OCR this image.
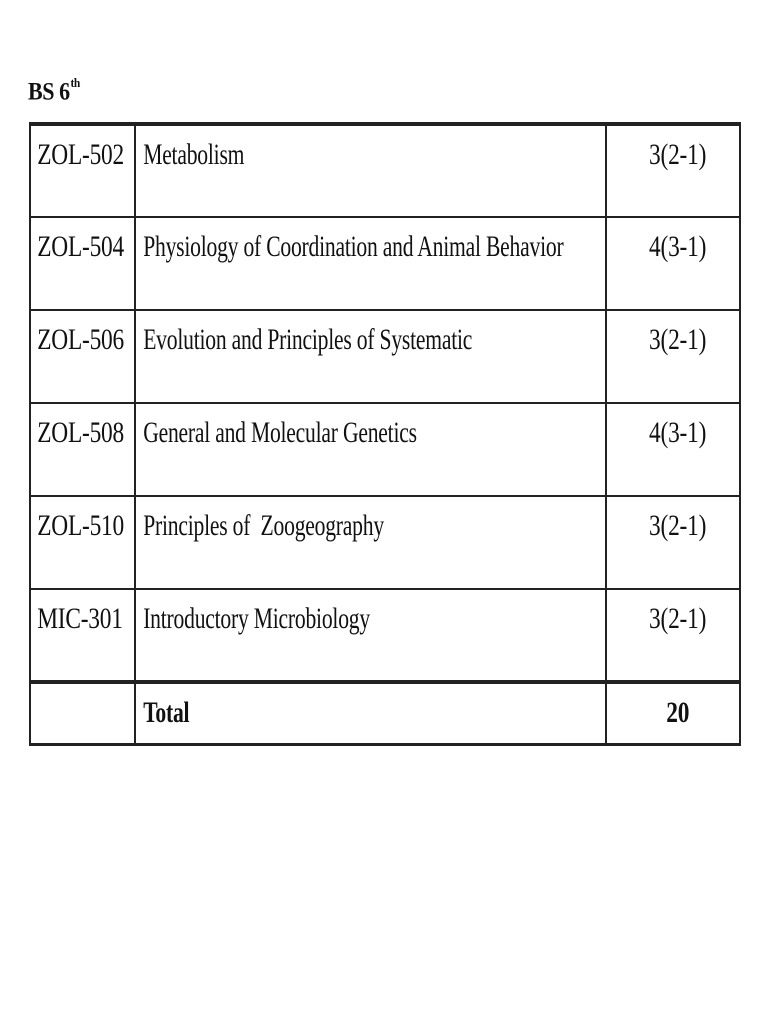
BS 6th
ZOL-502	Metabolism	3(2-1)
ZOL-504	Physiology of Coordination and Animal Behavior	4(3-1)
ZOL-506	Evolution and Principles of Systematic	3(2-1)
ZOL-508	General and Molecular Genetics	4(3-1)
ZOL-510	Principles of  Zoogeography	3(2-1)
MIC-301	Introductory Microbiology	3(2-1)
	Total	20
